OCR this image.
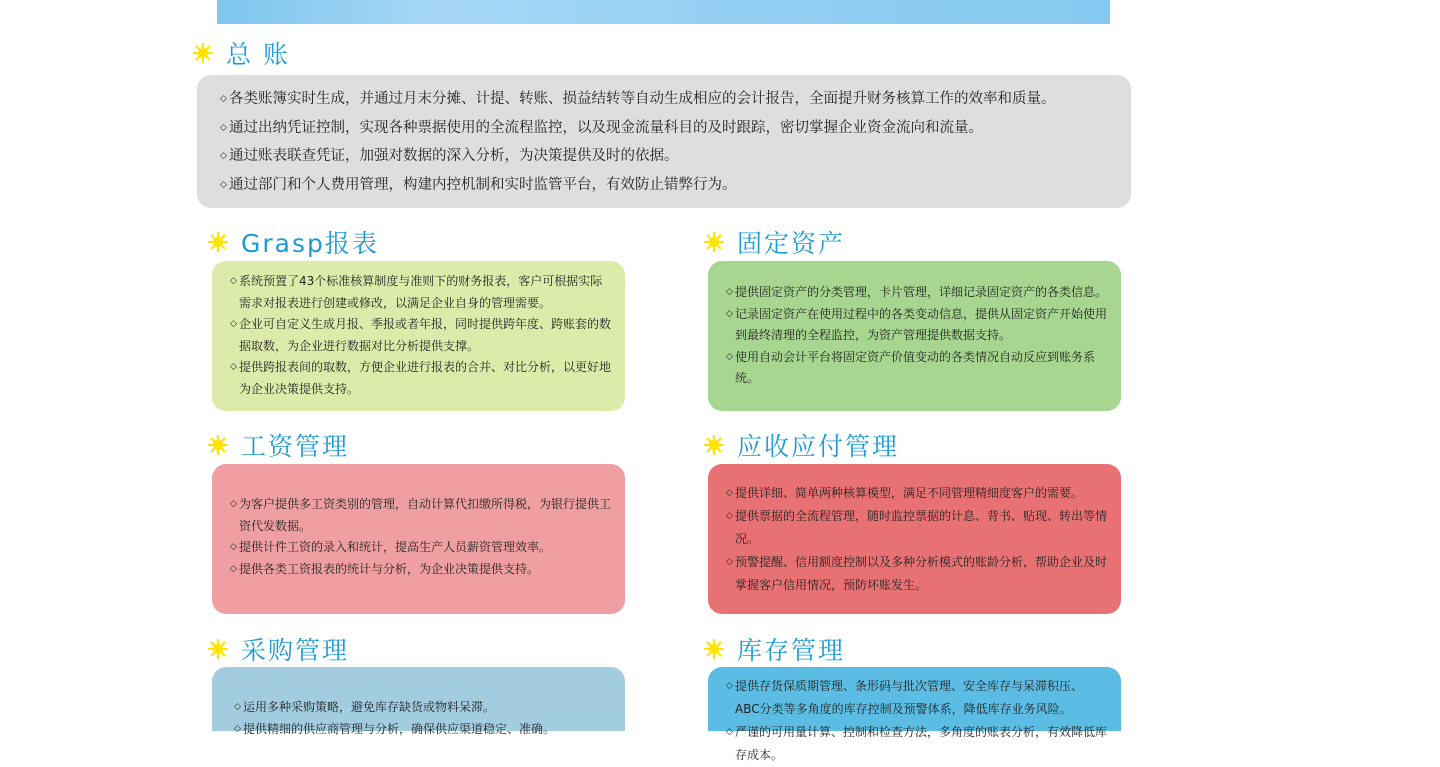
总 账
◇ 各类账簿实时生成，并通过月末分摊、计提、转账、损益结转等自动生成相应的会计报告，全面提升财务核算工作的效率和质量。
◇ 通过出纳凭证控制，实现各种票据使用的全流程监控，以及现金流量科目的及时跟踪，密切掌握企业资金流向和流量。
◇ 通过账表联查凭证，加强对数据的深入分析，为决策提供及时的依据。
◇ 通过部门和个人费用管理，构建内控机制和实时监管平台，有效防止错弊行为。
Grasp报表
◇ 系统预置了43个标准核算制度与准则下的财务报表，客户可根据实际需求对报表进行创建或修改，以满足企业自身的管理需要。
◇ 企业可自定义生成月报、季报或者年报，同时提供跨年度、跨账套的数据取数，为企业进行数据对比分析提供支撑。
◇ 提供跨报表间的取数，方便企业进行报表的合并、对比分析，以更好地为企业决策提供支持。
固定资产
◇ 提供固定资产的分类管理，卡片管理，详细记录固定资产的各类信息。
◇ 记录固定资产在使用过程中的各类变动信息，提供从固定资产开始使用到最终清理的全程监控，为资产管理提供数据支持。
◇ 使用自动会计平台将固定资产价值变动的各类情况自动反应到账务系统。
工资管理
◇ 为客户提供多工资类别的管理，自动计算代扣缴所得税，为银行提供工资代发数据。
◇ 提供计件工资的录入和统计，提高生产人员薪资管理效率。
◇ 提供各类工资报表的统计与分析，为企业决策提供支持。
应收应付管理
◇ 提供详细、简单两种核算模型，满足不同管理精细度客户的需要。
◇ 提供票据的全流程管理，随时监控票据的计息、背书、贴现、转出等情况。
◇ 预警提醒、信用额度控制以及多种分析模式的账龄分析，帮助企业及时掌握客户信用情况，预防坏账发生。
采购管理
◇ 运用多种采购策略，避免库存缺货或物料呆滞。
◇ 提供精细的供应商管理与分析，确保供应渠道稳定、准确。
库存管理
◇ 提供存货保质期管理、条形码与批次管理、安全库存与呆滞积压、ABC分类等多角度的库存控制及预警体系，降低库存业务风险。
◇ 严谨的可用量计算、控制和检查方法，多角度的账表分析，有效降低库存成本。
